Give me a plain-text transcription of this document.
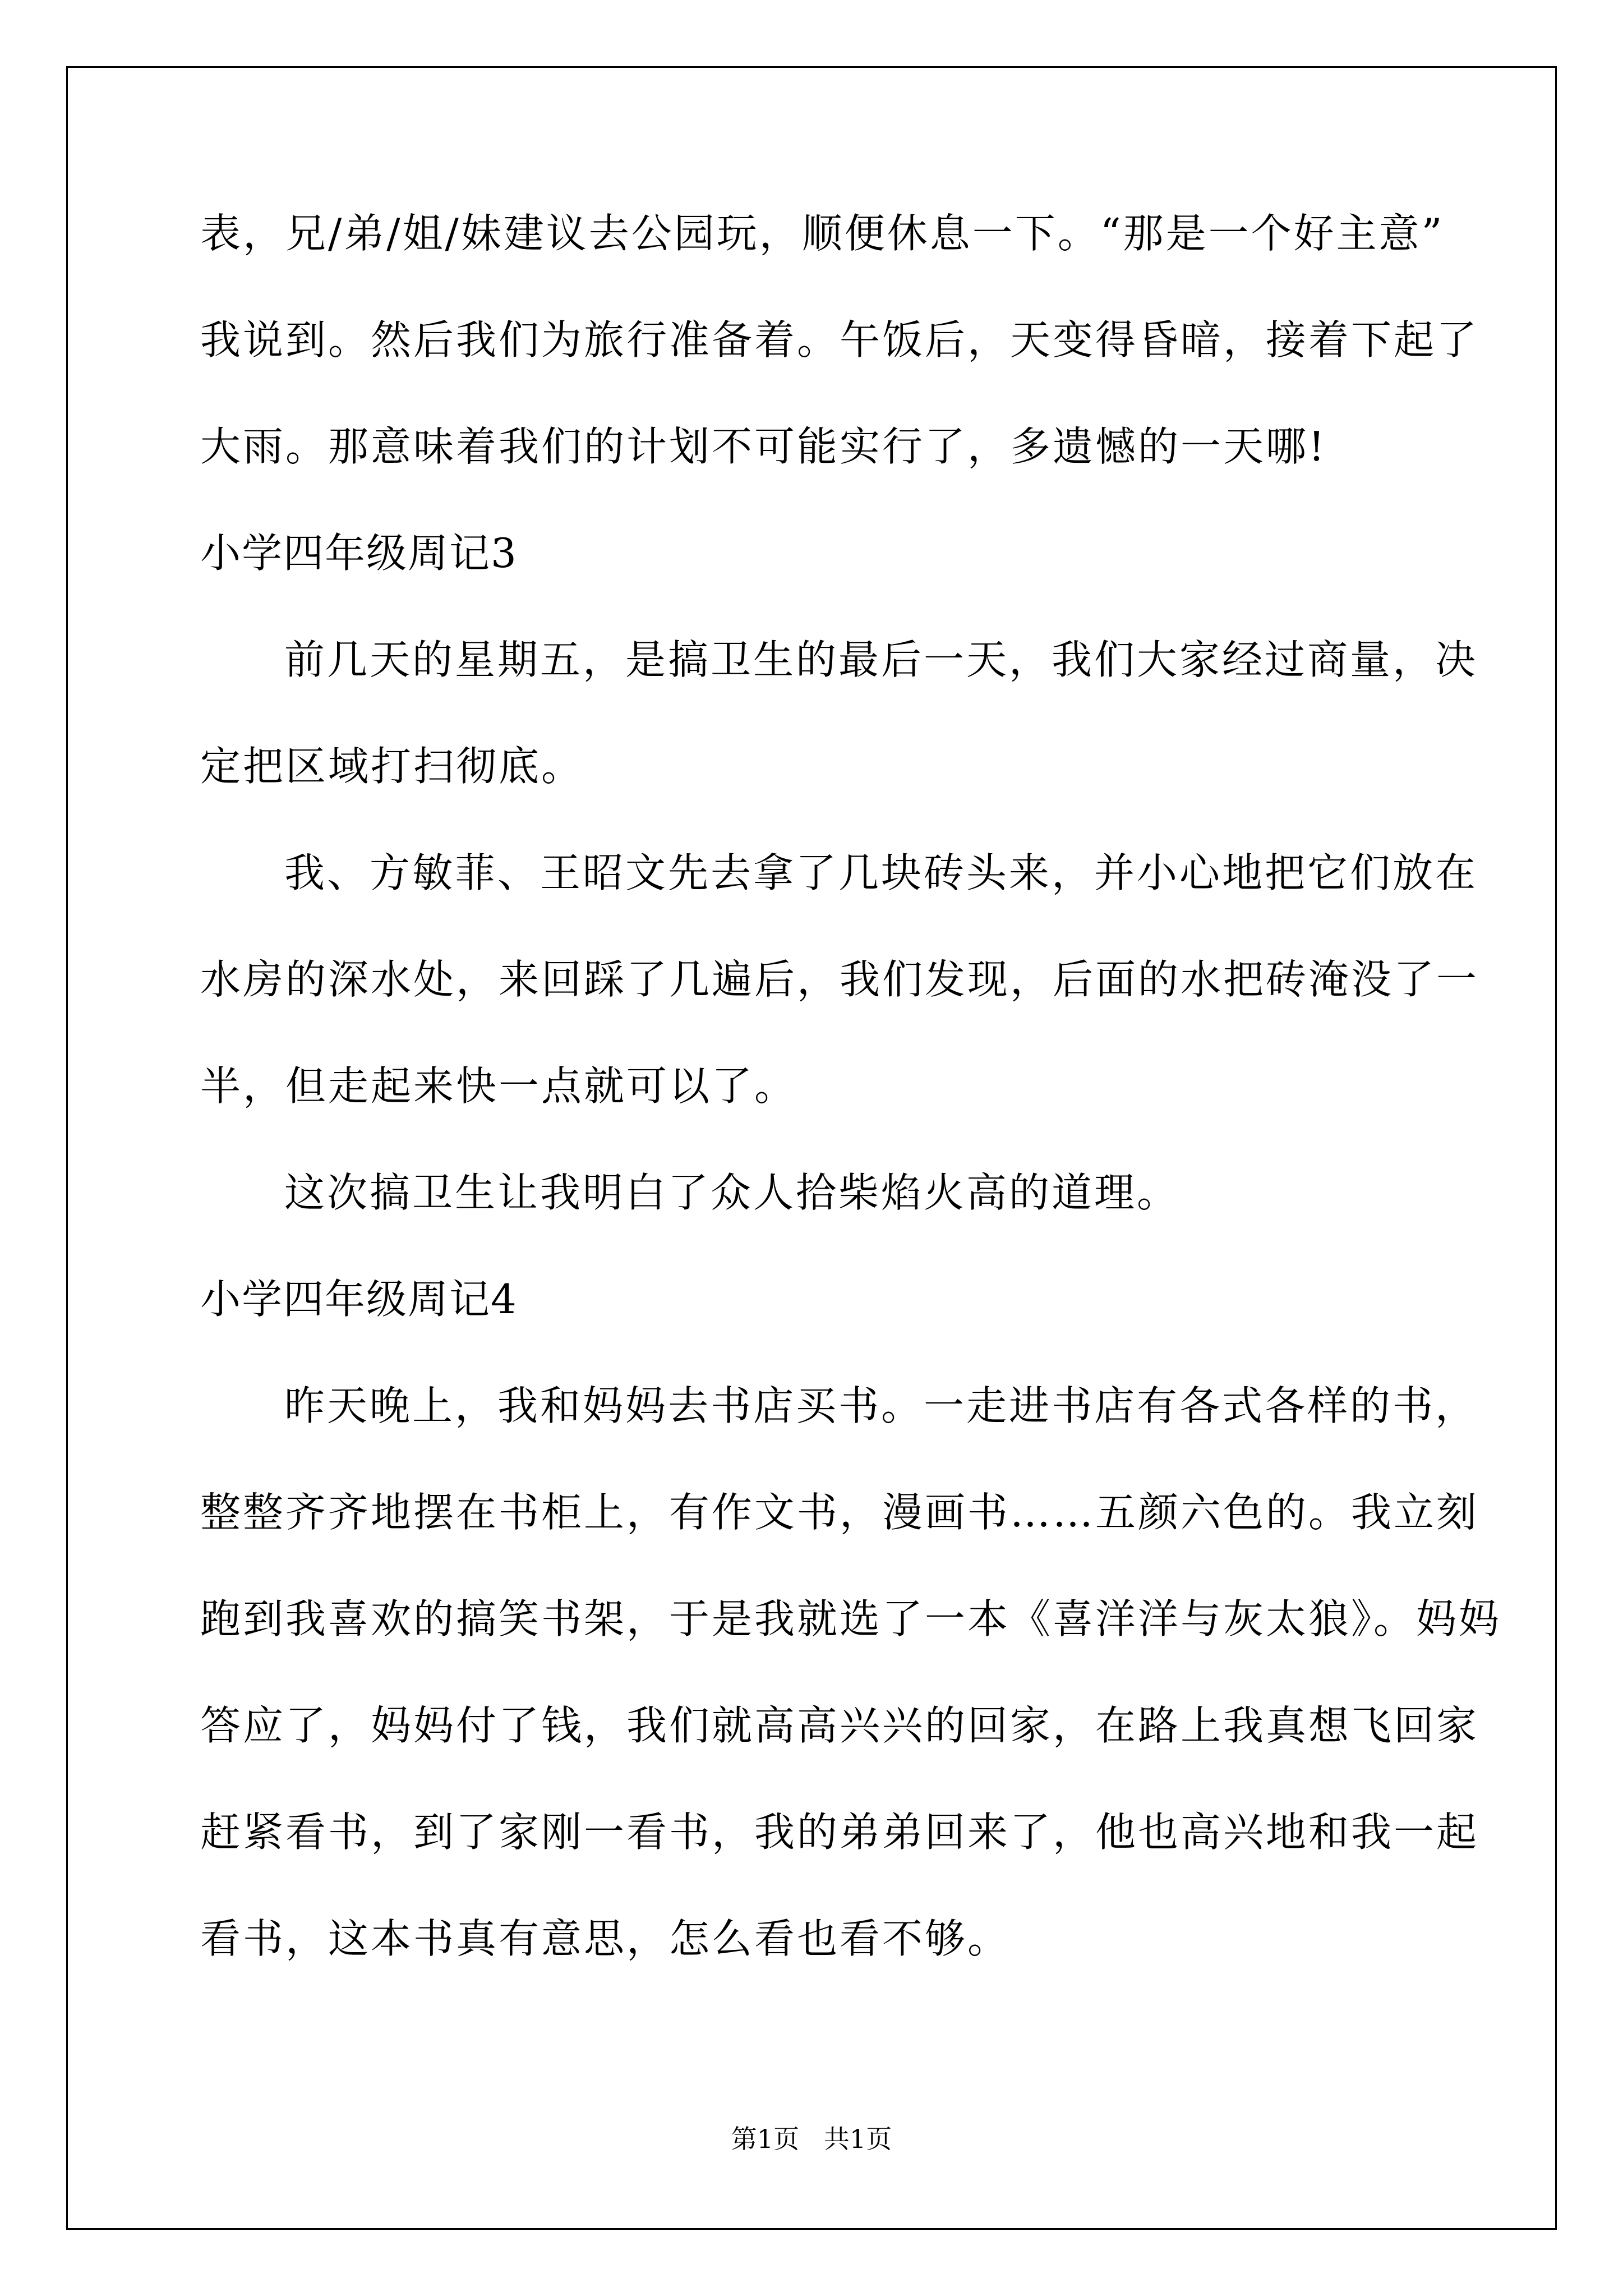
表，兄/弟/姐/妹建议去公园玩，顺便休息一下。“那是一个好主意”
我说到。然后我们为旅行准备着。午饭后，天变得昏暗，接着下起了
大雨。那意味着我们的计划不可能实行了，多遗憾的一天哪!
小学四年级周记3
前几天的星期五，是搞卫生的最后一天，我们大家经过商量，决
定把区域打扫彻底。
我、方敏菲、王昭文先去拿了几块砖头来，并小心地把它们放在
水房的深水处，来回踩了几遍后，我们发现，后面的水把砖淹没了一
半，但走起来快一点就可以了。
这次搞卫生让我明白了众人拾柴焰火高的道理。
小学四年级周记4
昨天晚上，我和妈妈去书店买书。一走进书店有各式各样的书，
整整齐齐地摆在书柜上，有作文书，漫画书……五颜六色的。我立刻
跑到我喜欢的搞笑书架，于是我就选了一本《喜洋洋与灰太狼》。妈妈
答应了，妈妈付了钱，我们就高高兴兴的回家，在路上我真想飞回家
赶紧看书，到了家刚一看书，我的弟弟回来了，他也高兴地和我一起
看书，这本书真有意思，怎么看也看不够。
第1页   共1页
